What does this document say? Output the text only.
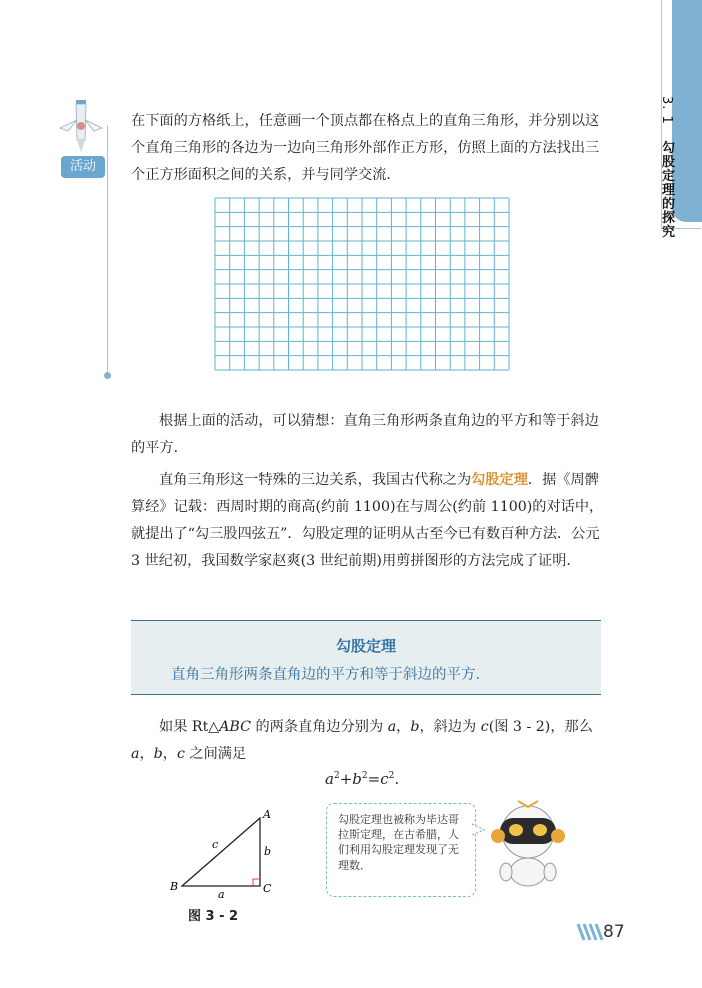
3. 1 勾股定理的探究
活动
在下面的方格纸上，任意画一个顶点都在格点上的直角三角形，并分别以这个直角三角形的各边为一边向三角形外部作正方形，仿照上面的方法找出三个正方形面积之间的关系，并与同学交流．
根据上面的活动，可以猜想：直角三角形两条直角边的平方和等于斜边的平方．
直角三角形这一特殊的三边关系，我国古代称之为勾股定理．据《周髀算经》记载：西周时期的商高(约前 1100)在与周公(约前 1100)的对话中，就提出了“勾三股四弦五”．勾股定理的证明从古至今已有数百种方法．公元 3 世纪初，我国数学家赵爽(3 世纪前期)用剪拼图形的方法完成了证明．
勾股定理
直角三角形两条直角边的平方和等于斜边的平方．
如果 Rt△ABC 的两条直角边分别为 a，b，斜边为 c(图 3 - 2)，那么 a，b，c 之间满足
$a^2+b^2=c^2$.
A
B	C
c
b
a
图 3 - 2
勾股定理也被称为毕达哥拉斯定理，在古希腊，人们利用勾股定理发现了无理数．
87
